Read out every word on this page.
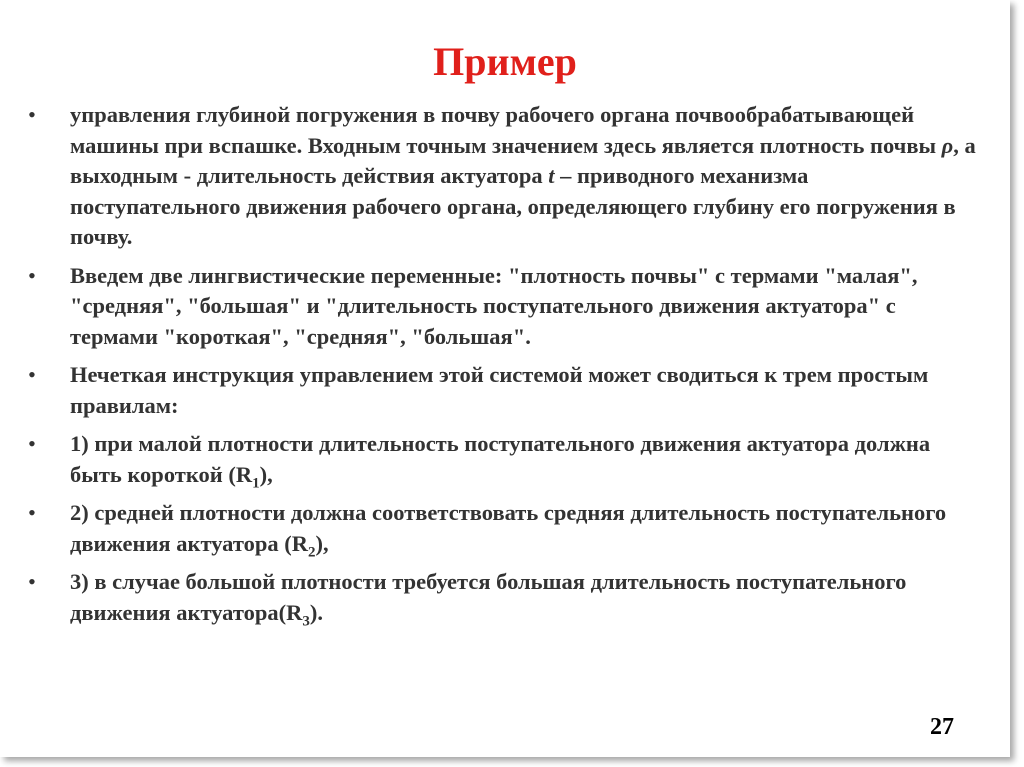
Пример
• управления глубиной погружения в почву рабочего органа почвообрабатывающей машины при вспашке. Входным точным значением здесь является плотность почвы ρ, а выходным - длительность действия актуатора t – приводного механизма поступательного движения рабочего органа, определяющего глубину его погружения в почву.
• Введем две лингвистические переменные: "плотность почвы" с термами "малая", "средняя", "большая" и "длительность поступательного движения актуатора" с термами "короткая", "средняя", "большая".
• Нечеткая инструкция управлением этой системой может сводиться к трем простым правилам:
• 1) при малой плотности длительность поступательного движения актуатора должна быть короткой $(R_1)$,
• 2) средней плотности должна соответствовать средняя длительность поступательного движения актуатора $(R_2)$,
• 3) в случае большой плотности требуется большая длительность поступательного движения $актуатора(R_3)$.
27
